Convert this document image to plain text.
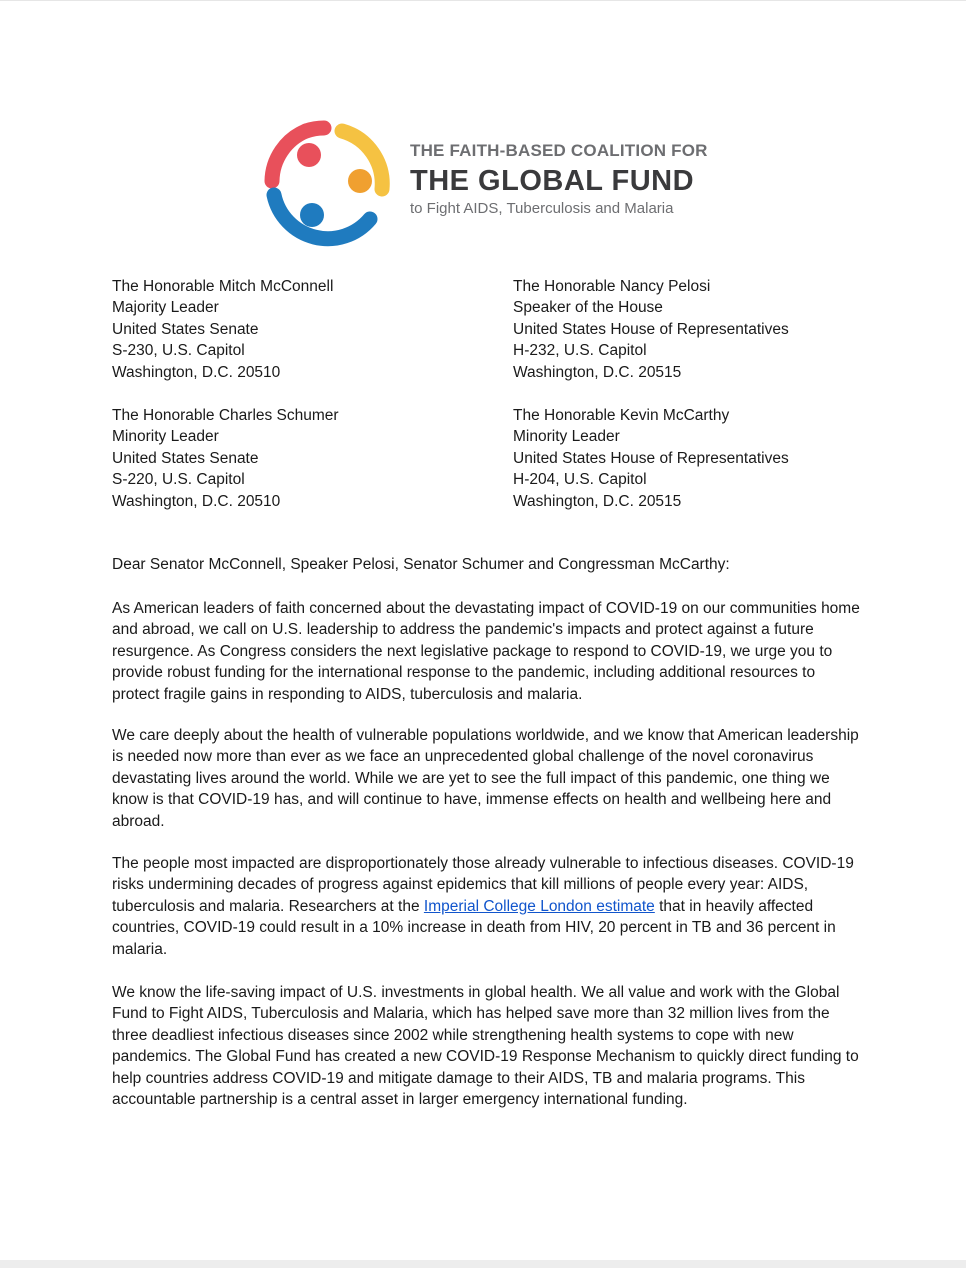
THE FAITH-BASED COALITION FOR
THE GLOBAL FUND
to Fight AIDS, Tuberculosis and Malaria
The Honorable Mitch McConnell
Majority Leader
United States Senate
S-230, U.S. Capitol
Washington, D.C. 20510
The Honorable Nancy Pelosi
Speaker of the House
United States House of Representatives
H-232, U.S. Capitol
Washington, D.C. 20515
The Honorable Charles Schumer
Minority Leader
United States Senate
S-220, U.S. Capitol
Washington, D.C. 20510
The Honorable Kevin McCarthy
Minority Leader
United States House of Representatives
H-204, U.S. Capitol
Washington, D.C. 20515
Dear Senator McConnell, Speaker Pelosi, Senator Schumer and Congressman McCarthy:

As American leaders of faith concerned about the devastating impact of COVID-19 on our communities home and abroad, we call on U.S. leadership to address the pandemic's impacts and protect against a future resurgence. As Congress considers the next legislative package to respond to COVID-19, we urge you to provide robust funding for the international response to the pandemic, including additional resources to protect fragile gains in responding to AIDS, tuberculosis and malaria.

We care deeply about the health of vulnerable populations worldwide, and we know that American leadership is needed now more than ever as we face an unprecedented global challenge of the novel coronavirus devastating lives around the world. While we are yet to see the full impact of this pandemic, one thing we know is that COVID-19 has, and will continue to have, immense effects on health and wellbeing here and abroad.

The people most impacted are disproportionately those already vulnerable to infectious diseases. COVID-19 risks undermining decades of progress against epidemics that kill millions of people every year: AIDS, tuberculosis and malaria. Researchers at the Imperial College London estimate that in heavily affected countries, COVID-19 could result in a 10% increase in death from HIV, 20 percent in TB and 36 percent in malaria.

We know the life-saving impact of U.S. investments in global health. We all value and work with the Global Fund to Fight AIDS, Tuberculosis and Malaria, which has helped save more than 32 million lives from the three deadliest infectious diseases since 2002 while strengthening health systems to cope with new pandemics. The Global Fund has created a new COVID-19 Response Mechanism to quickly direct funding to help countries address COVID-19 and mitigate damage to their AIDS, TB and malaria programs. This accountable partnership is a central asset in larger emergency international funding.
